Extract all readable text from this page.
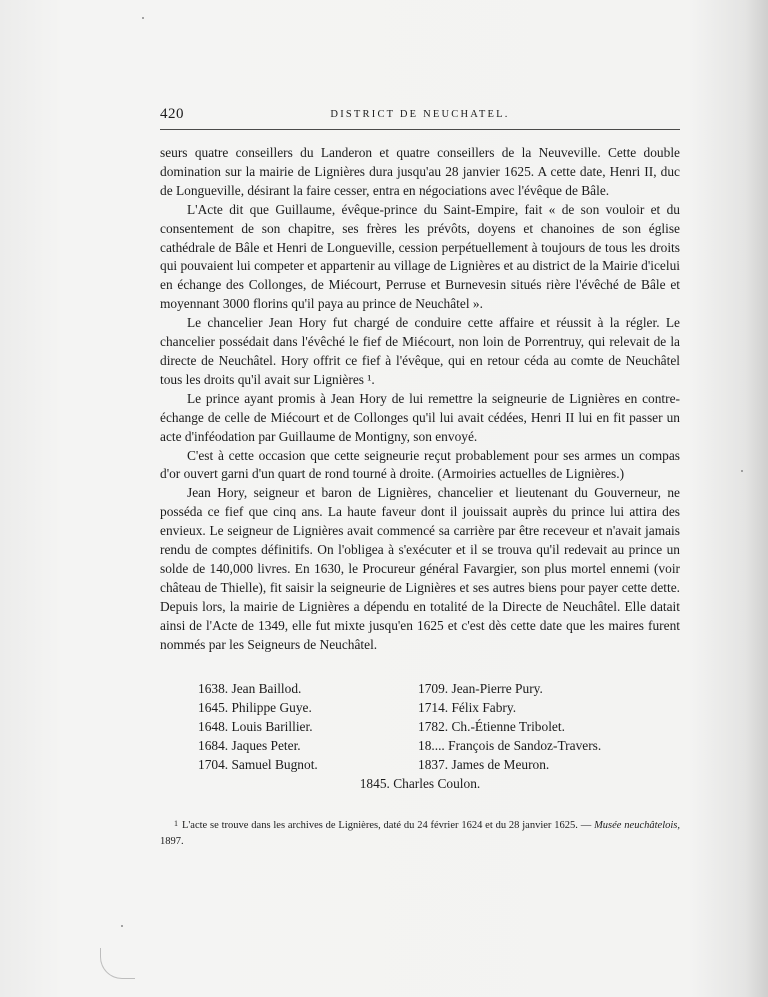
420	DISTRICT DE NEUCHATEL.

seurs quatre conseillers du Landeron et quatre conseillers de la Neuveville. Cette double domination sur la mairie de Lignières dura jusqu'au 28 janvier 1625. A cette date, Henri II, duc de Longueville, désirant la faire cesser, entra en négociations avec l'évêque de Bâle.

L'Acte dit que Guillaume, évêque-prince du Saint-Empire, fait « de son vouloir et du consentement de son chapitre, ses frères les prévôts, doyens et chanoines de son église cathédrale de Bâle et Henri de Longueville, cession perpétuellement à toujours de tous les droits qui pouvaient lui competer et appartenir au village de Lignières et au district de la Mairie d'icelui en échange des Collonges, de Miécourt, Perruse et Burnevesin situés rière l'évêché de Bâle et moyennant 3000 florins qu'il paya au prince de Neuchâtel ».

Le chancelier Jean Hory fut chargé de conduire cette affaire et réussit à la régler. Le chancelier possédait dans l'évêché le fief de Miécourt, non loin de Porrentruy, qui relevait de la directe de Neuchâtel. Hory offrit ce fief à l'évêque, qui en retour céda au comte de Neuchâtel tous les droits qu'il avait sur Lignières ¹.

Le prince ayant promis à Jean Hory de lui remettre la seigneurie de Lignières en contre-échange de celle de Miécourt et de Collonges qu'il lui avait cédées, Henri II lui en fit passer un acte d'inféodation par Guillaume de Montigny, son envoyé.

C'est à cette occasion que cette seigneurie reçut probablement pour ses armes un compas d'or ouvert garni d'un quart de rond tourné à droite. (Armoiries actuelles de Lignières.)

Jean Hory, seigneur et baron de Lignières, chancelier et lieutenant du Gouverneur, ne posséda ce fief que cinq ans. La haute faveur dont il jouissait auprès du prince lui attira des envieux. Le seigneur de Lignières avait commencé sa carrière par être receveur et n'avait jamais rendu de comptes définitifs. On l'obligea à s'exécuter et il se trouva qu'il redevait au prince un solde de 140,000 livres. En 1630, le Procureur général Favargier, son plus mortel ennemi (voir château de Thielle), fit saisir la seigneurie de Lignières et ses autres biens pour payer cette dette. Depuis lors, la mairie de Lignières a dépendu en totalité de la Directe de Neuchâtel. Elle datait ainsi de l'Acte de 1349, elle fut mixte jusqu'en 1625 et c'est dès cette date que les maires furent nommés par les Seigneurs de Neuchâtel.

1638. Jean Baillod.
1645. Philippe Guye.
1648. Louis Barillier.
1684. Jaques Peter.
1704. Samuel Bugnot.
1709. Jean-Pierre Pury.
1714. Félix Fabry.
1782. Ch.-Étienne Tribolet.
18.... François de Sandoz-Travers.
1837. James de Meuron.
1845. Charles Coulon.
1 L'acte se trouve dans les archives de Lignières, daté du 24 février 1624 et du 28 janvier 1625. — Musée neuchâtelois, 1897.
